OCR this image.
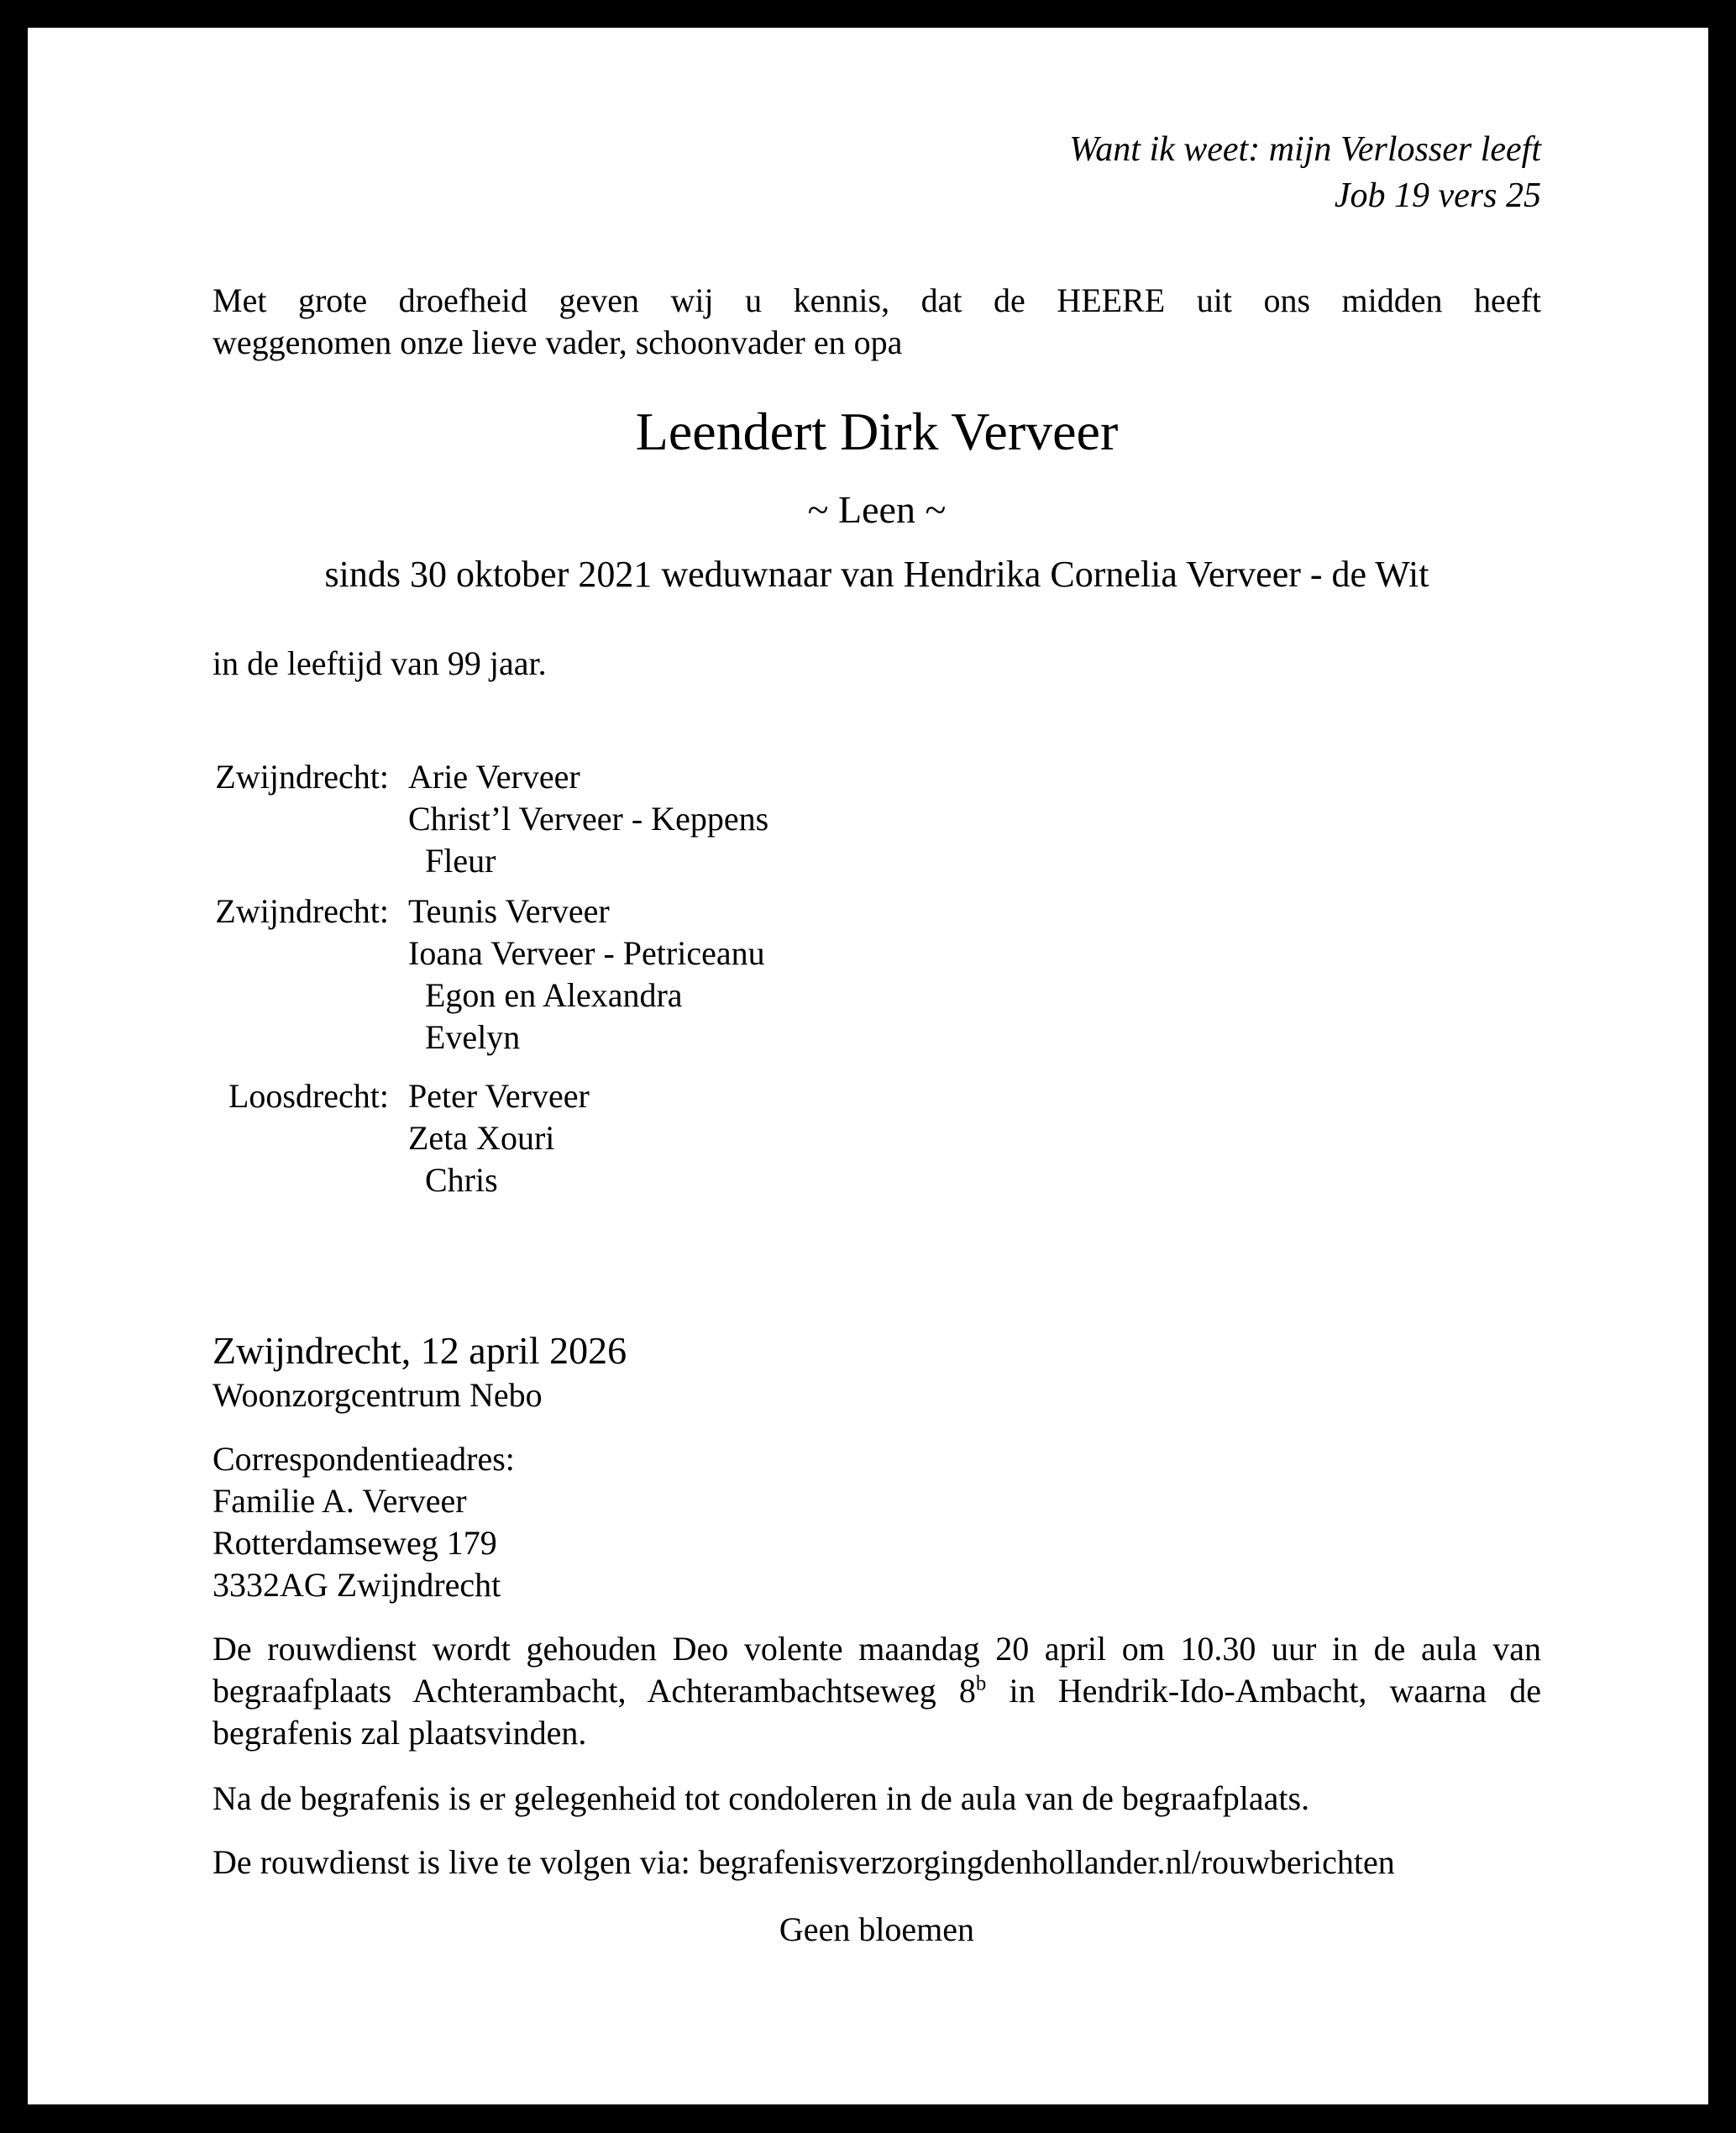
Want ik weet: mijn Verlosser leeft
Job 19 vers 25
Met grote droefheid geven wij u kennis, dat de HEERE uit ons midden heeft
weggenomen onze lieve vader, schoonvader en opa
Leendert Dirk Verveer
~ Leen ~
sinds 30 oktober 2021 weduwnaar van Hendrika Cornelia Verveer - de Wit
in de leeftijd van 99 jaar.
Zwijndrecht: Arie Verveer
Christ’l Verveer - Keppens
Fleur
Zwijndrecht: Teunis Verveer
Ioana Verveer - Petriceanu
Egon en Alexandra
Evelyn
Loosdrecht: Peter Verveer
Zeta Xouri
Chris
Zwijndrecht, 12 april 2026
Woonzorgcentrum Nebo
Correspondentieadres:
Familie A. Verveer
Rotterdamseweg 179
3332AG Zwijndrecht
De rouwdienst wordt gehouden Deo volente maandag 20 april om 10.30 uur in de aula van
begraafplaats Achterambacht, Achterambachtseweg 8$^b$ in Hendrik-Ido-Ambacht, waarna de
begrafenis zal plaatsvinden.
Na de begrafenis is er gelegenheid tot condoleren in de aula van de begraafplaats.
De rouwdienst is live te volgen via: begrafenisverzorgingdenhollander.nl/rouwberichten
Geen bloemen
